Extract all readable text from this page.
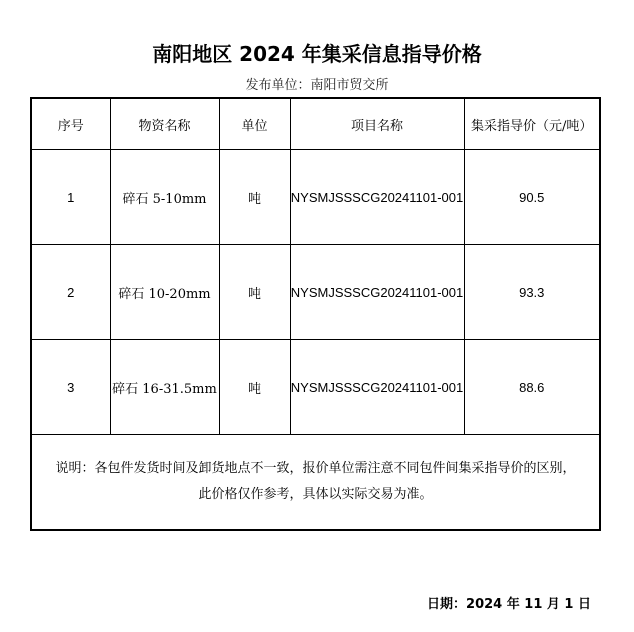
南阳地区 2024 年集采信息指导价格
发布单位：南阳市贸交所
序号	物资名称	单位	项目名称	集采指导价（元/吨）
1	碎石 5-10mm	吨	NYSMJSSSCG20241101-001	90.5
2	碎石 10-20mm	吨	NYSMJSSSCG20241101-001	93.3
3	碎石 16-31.5mm	吨	NYSMJSSSCG20241101-001	88.6

说明：各包件发货时间及卸货地点不一致，报价单位需注意不同包件间集采指导价的区别，
此价格仅作参考，具体以实际交易为准。				
日期：2024 年 11 月 1 日
